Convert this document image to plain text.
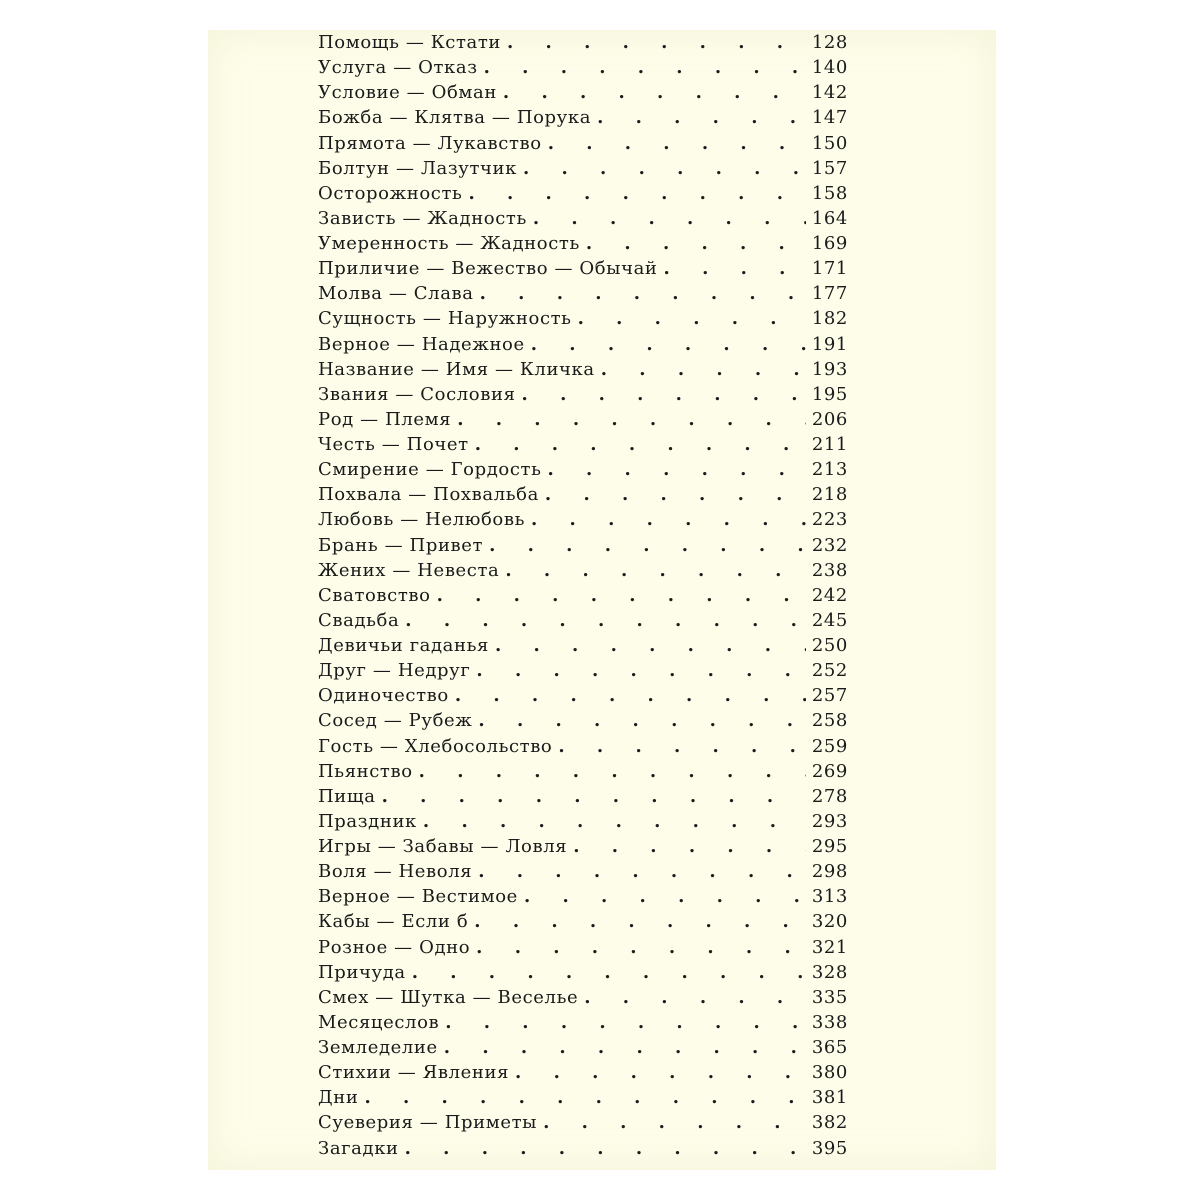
Помощь — Кстати . . .	128
Услуга — Отказ . . .	140
Условие — Обман . . .	142
Божба — Клятва — Порука . . .	147
Прямота — Лукавство . . .	150
Болтун — Лазутчик . . .	157
Осторожность . . .	158
Зависть — Жадность . . .	164
Умеренность — Жадность . . .	169
Приличие — Вежество — Обычай . . .	171
Молва — Слава . . .	177
Сущность — Наружность . . .	182
Верное — Надежное . . .	191
Название — Имя — Кличка . . .	193
Звания — Сословия . . .	195
Род — Племя . . .	206
Честь — Почет . . .	211
Смирение — Гордость . . .	213
Похвала — Похвальба . . .	218
Любовь — Нелюбовь . . .	223
Брань — Привет . . .	232
Жених — Невеста . . .	238
Сватовство . . .	242
Свадьба . . .	245
Девичьи гаданья . . .	250
Друг — Недруг . . .	252
Одиночество . . .	257
Сосед — Рубеж . . .	258
Гость — Хлебосольство . . .	259
Пьянство . . .	269
Пища . . .	278
Праздник . . .	293
Игры — Забавы — Ловля . . .	295
Воля — Неволя . . .	298
Верное — Вестимое . . .	313
Кабы — Если б . . .	320
Розное — Одно . . .	321
Причуда . . .	328
Смех — Шутка — Веселье . . .	335
Месяцеслов . . .	338
Земледелие . . .	365
Стихии — Явления . . .	380
Дни . . .	381
Суеверия — Приметы . . .	382
Загадки . . .	395
